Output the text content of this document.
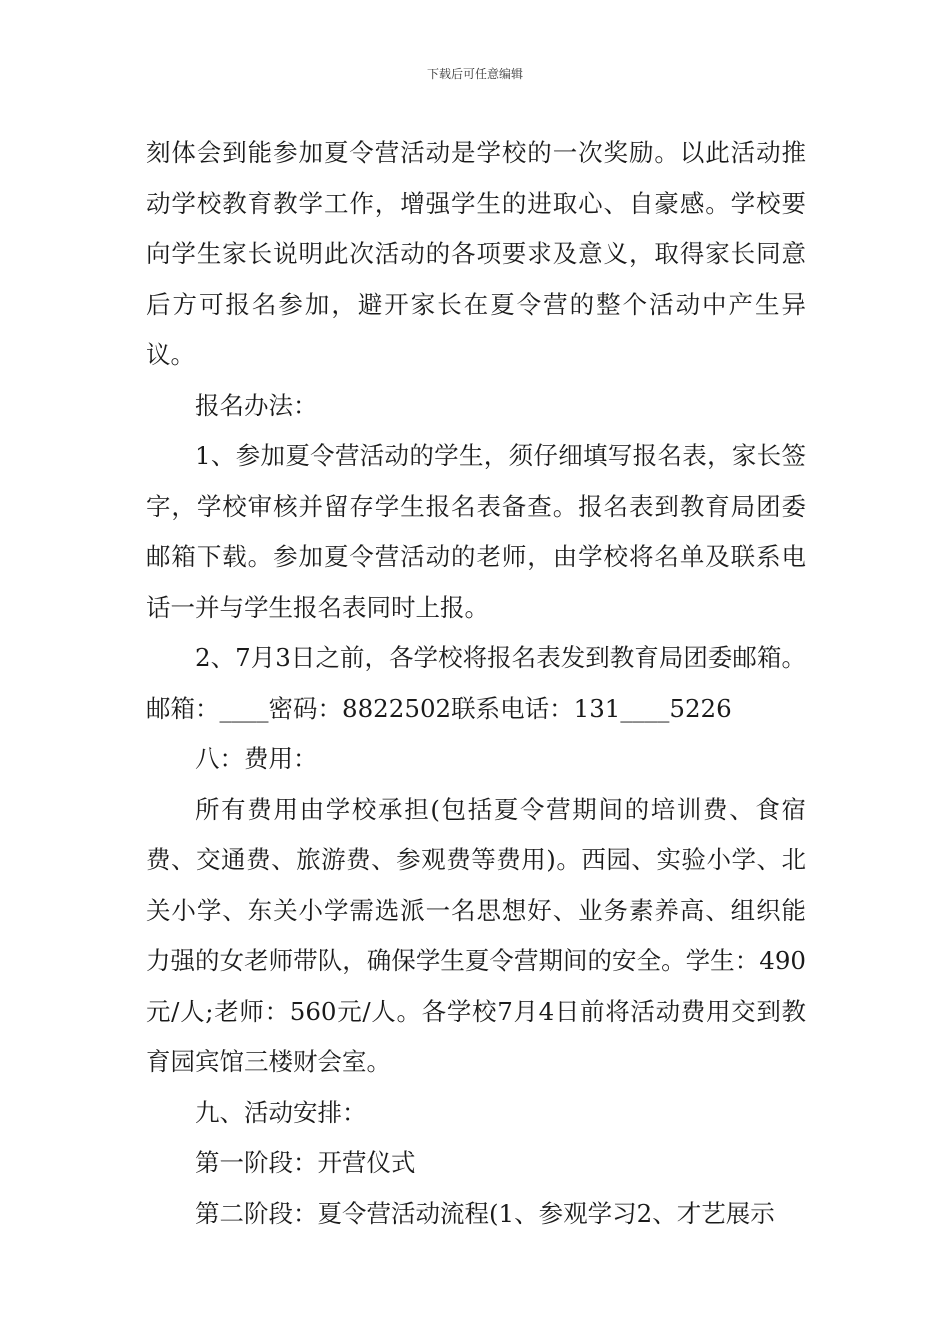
下载后可任意编辑

刻体会到能参加夏令营活动是学校的一次奖励。以此活动推动学校教育教学工作，增强学生的进取心、自豪感。学校要向学生家长说明此次活动的各项要求及意义，取得家长同意后方可报名参加，避开家长在夏令营的整个活动中产生异议。

报名办法：

1、参加夏令营活动的学生，须仔细填写报名表，家长签字，学校审核并留存学生报名表备查。报名表到教育局团委邮箱下载。参加夏令营活动的老师，由学校将名单及联系电话一并与学生报名表同时上报。

2、7月3日之前，各学校将报名表发到教育局团委邮箱。邮箱：____密码：8822502联系电话：131____5226

八：费用：

所有费用由学校承担(包括夏令营期间的培训费、食宿费、交通费、旅游费、参观费等费用)。西园、实验小学、北关小学、东关小学需选派一名思想好、业务素养高、组织能力强的女老师带队，确保学生夏令营期间的安全。学生：490元/人;老师：560元/人。各学校7月4日前将活动费用交到教育园宾馆三楼财会室。

九、活动安排：

第一阶段：开营仪式

第二阶段：夏令营活动流程(1、参观学习2、才艺展示
